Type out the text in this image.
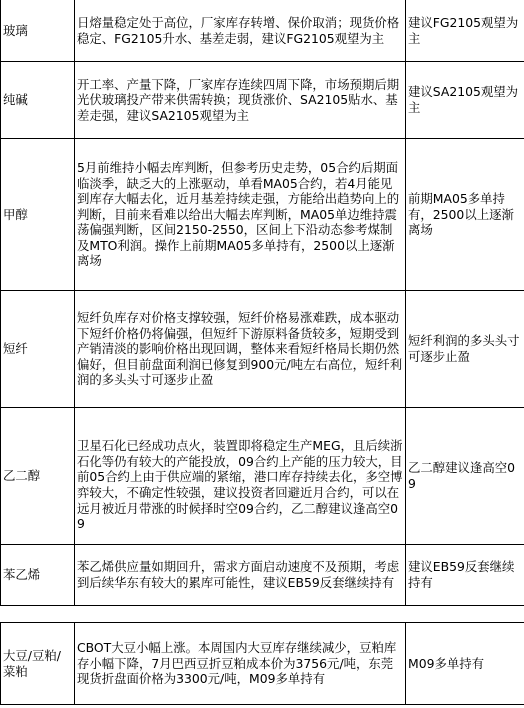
玻璃	日熔量稳定处于高位，厂家库存转增、保价取消；现货价格稳定、FG2105升水、基差走弱，建议FG2105观望为主	建议FG2105观望为主

纯碱	开工率、产量下降，厂家库存连续四周下降，市场预期后期光伏玻璃投产带来供需转换；现货涨价、SA2105贴水、基差走强，建议SA2105观望为主	建议SA2105观望为主

甲醇	5月前维持小幅去库判断，但参考历史走势，05合约后期面临淡季，缺乏大的上涨驱动，单看MA05合约，若4月能见到库存大幅去化，近月基差持续走强，方能给出趋势向上的判断，目前来看难以给出大幅去库判断，MA05单边维持震荡偏强判断，区间2150-2550，区间上下沿动态参考煤制及MTO利润。操作上前期MA05多单持有，2500以上逐渐离场	前期MA05多单持有，2500以上逐渐离场

短纤	短纤负库存对价格支撑较强，短纤价格易涨难跌，成本驱动下短纤价格仍将偏强，但短纤下游原料备货较多，短期受到产销清淡的影响价格出现回调，整体来看短纤格局长期仍然偏好，但目前盘面利润已修复到900元/吨左右高位，短纤利润的多头头寸可逐步止盈	短纤利润的多头头寸可逐步止盈

乙二醇	卫星石化已经成功点火，装置即将稳定生产MEG，且后续浙石化等仍有较大的产能投放，09合约上产能的压力较大，目前05合约上由于供应端的紧缩，港口库存持续去化，多空博弈较大，不确定性较强，建议投资者回避近月合约，可以在远月被近月带涨的时候择时空09合约，乙二醇建议逢高空09	乙二醇建议逢高空09

苯乙烯	苯乙烯供应量如期回升，需求方面启动速度不及预期，考虑到后续华东有较大的累库可能性，建议EB59反套继续持有	建议EB59反套继续持有

大豆/豆粕/菜粕	CBOT大豆小幅上涨。本周国内大豆库存继续减少，豆粕库存小幅下降，7月巴西豆折豆粕成本价为3756元/吨，东莞现货折盘面价格为3300元/吨，M09多单持有	M09多单持有
